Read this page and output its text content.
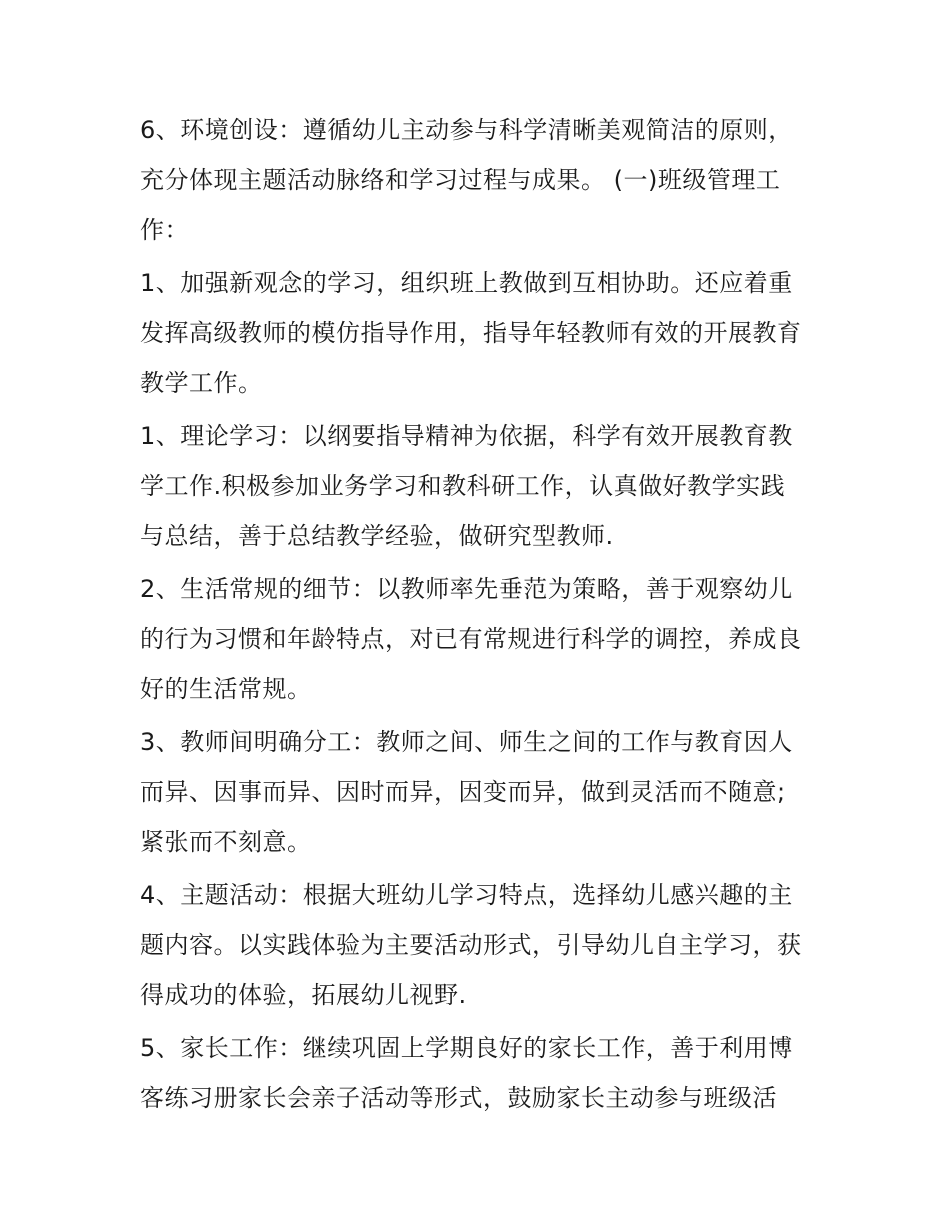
6、环境创设：遵循幼儿主动参与科学清晰美观简洁的原则，
充分体现主题活动脉络和学习过程与成果。 (一)班级管理工
作：
1、加强新观念的学习，组织班上教做到互相协助。还应着重
发挥高级教师的模仿指导作用，指导年轻教师有效的开展教育
教学工作。
1、理论学习：以纲要指导精神为依据，科学有效开展教育教
学工作.积极参加业务学习和教科研工作，认真做好教学实践
与总结，善于总结教学经验，做研究型教师.
2、生活常规的细节：以教师率先垂范为策略，善于观察幼儿
的行为习惯和年龄特点，对已有常规进行科学的调控，养成良
好的生活常规。
3、教师间明确分工：教师之间、师生之间的工作与教育因人
而异、因事而异、因时而异，因变而异，做到灵活而不随意;
紧张而不刻意。
4、主题活动：根据大班幼儿学习特点，选择幼儿感兴趣的主
题内容。以实践体验为主要活动形式，引导幼儿自主学习，获
得成功的体验，拓展幼儿视野.
5、家长工作：继续巩固上学期良好的家长工作，善于利用博
客练习册家长会亲子活动等形式，鼓励家长主动参与班级活
